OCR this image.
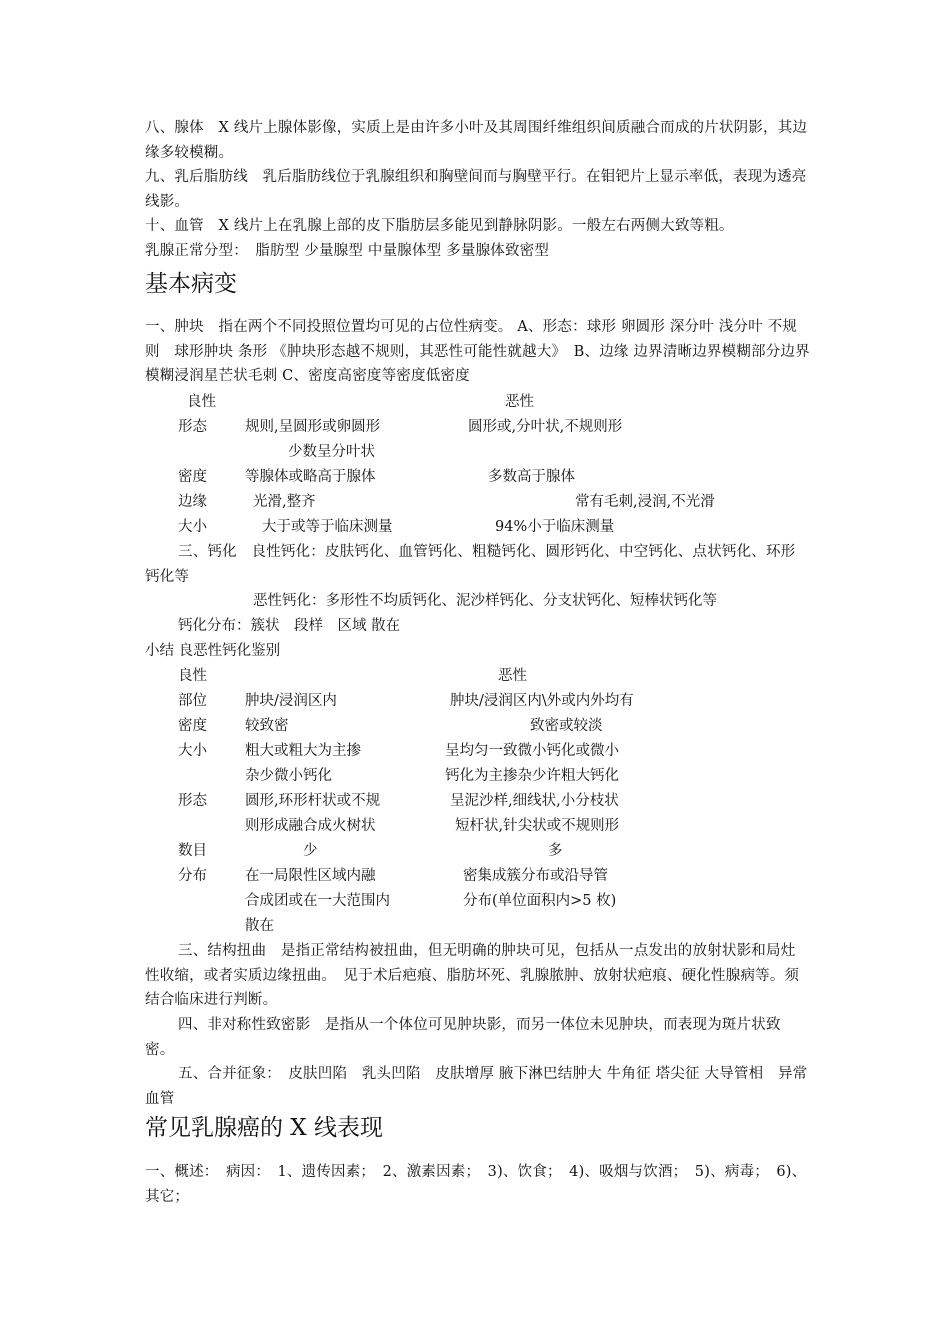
八、腺体　X 线片上腺体影像，实质上是由许多小叶及其周围纤维组织间质融合而成的片状阴影，其边缘多较模糊。
九、乳后脂肪线　乳后脂肪线位于乳腺组织和胸壁间而与胸壁平行。在钼钯片上显示率低，表现为透亮线影。
十、血管　X 线片上在乳腺上部的皮下脂肪层多能见到静脉阴影。一般左右两侧大致等粗。
乳腺正常分型：　脂肪型 少量腺型 中量腺体型 多量腺体致密型
基本病变
一、肿块　指在两个不同投照位置均可见的占位性病变。 A、形态：球形 卵圆形 深分叶 浅分叶 不规则　球形肿块 条形 《肿块形态越不规则，其恶性可能性就越大》　B、边缘 边界清晰边界模糊部分边界模糊浸润星芒状毛刺 C、密度高密度等密度低密度
良性	恶性
形态	规则,呈圆形或卵圆形	圆形或,分叶状,不规则形
少数呈分叶状
密度	等腺体或略高于腺体	多数高于腺体
边缘	光滑,整齐	常有毛刺,浸润,不光滑
大小	大于或等于临床测量	94%小于临床测量
三、钙化　良性钙化：皮肤钙化、血管钙化、粗糙钙化、圆形钙化、中空钙化、点状钙化、环形钙化等
恶性钙化：多形性不均质钙化、泥沙样钙化、分支状钙化、短棒状钙化等
钙化分布：簇状　段样　区域 散在
小结 良恶性钙化鉴别
良性	恶性
部位	肿块/浸润区内	肿块/浸润区内\外或内外均有
密度	较致密	致密或较淡
大小	粗大或粗大为主掺	呈均匀一致微小钙化或微小
杂少微小钙化	钙化为主掺杂少许粗大钙化
形态	圆形,环形杆状或不规	呈泥沙样,细线状,小分枝状
则形成融合成火树状	短杆状,针尖状或不规则形
数目	少	多
分布	在一局限性区域内融	密集成簇分布或沿导管
合成团或在一大范围内	分布(单位面积内>5 枚)
散在
三、结构扭曲　是指正常结构被扭曲，但无明确的肿块可见，包括从一点发出的放射状影和局灶性收缩，或者实质边缘扭曲。　见于术后疤痕、脂肪坏死、乳腺脓肿、放射状疤痕、硬化性腺病等。须结合临床进行判断。
四、非对称性致密影　是指从一个体位可见肿块影，而另一体位未见肿块，而表现为斑片状致密。
五、合并征象：　皮肤凹陷　乳头凹陷　皮肤增厚 腋下淋巴结肿大 牛角征 塔尖征 大导管相　异常血管
常见乳腺癌的 X 线表现
一、概述：　病因：　1、遗传因素；　2、激素因素；　3)、饮食；　4)、吸烟与饮酒；　5)、病毒；　6)、其它；
